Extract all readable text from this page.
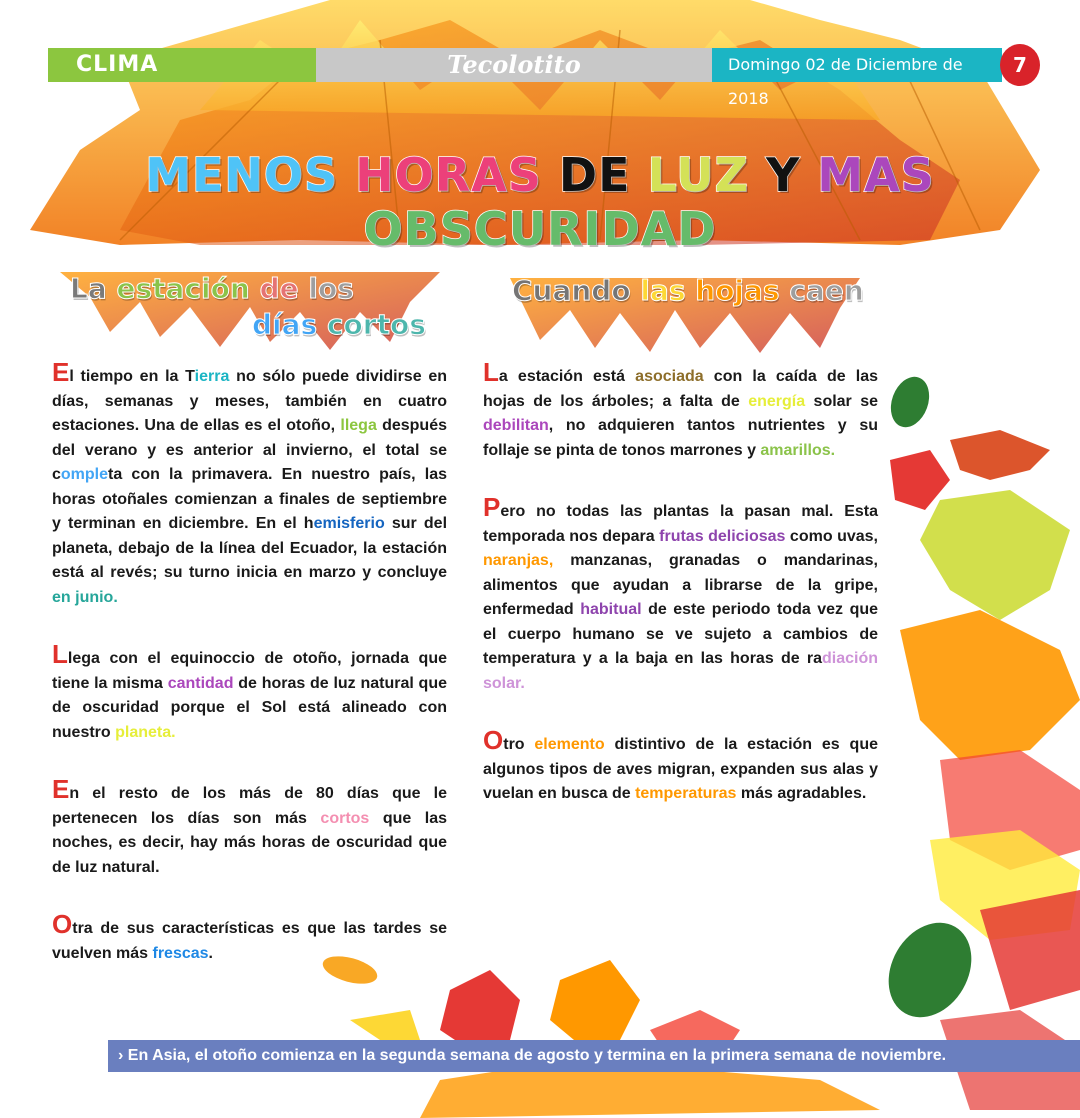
CLIMA	Tecolotito	Domingo 02 de Diciembre de 2018
7
MENOS HORAS DE LUZ Y MAS OBSCURIDAD
La estación de los
días cortos
Cuando las hojas caen

El tiempo en la Tierra no sólo puede dividirse en días, semanas y meses, también en cuatro estaciones. Una de ellas es el otoño, llega después del verano y es anterior al invierno, el total se completa con la primavera. En nuestro país, las horas otoñales comienzan a finales de septiembre y terminan en diciembre. En el hemisferio sur del planeta, debajo de la línea del Ecuador, la estación está al revés; su turno inicia en marzo y concluye en junio.

Llega con el equinoccio de otoño, jornada que tiene la misma cantidad de horas de luz natural que de oscuridad porque el Sol está alineado con nuestro planeta.

En el resto de los más de 80 días que le pertenecen los días son más cortos que las noches, es decir, hay más horas de oscuridad que de luz natural.

Otra de sus características es que las tardes se vuelven más frescas.

La estación está asociada con la caída de las hojas de los árboles; a falta de energía solar se debilitan, no adquieren tantos nutrientes y su follaje se pinta de tonos marrones y amarillos.

Pero no todas las plantas la pasan mal. Esta temporada nos depara frutas deliciosas como uvas, naranjas, manzanas, granadas o mandarinas, alimentos que ayudan a librarse de la gripe, enfermedad habitual de este periodo toda vez que el cuerpo humano se ve sujeto a cambios de temperatura y a la baja en las horas de radiación solar.

Otro elemento distintivo de la estación es que algunos tipos de aves migran, expanden sus alas y vuelan en busca de temperaturas más agradables.

› En Asia, el otoño comienza en la segunda semana de agosto y termina en la primera semana de noviembre.
